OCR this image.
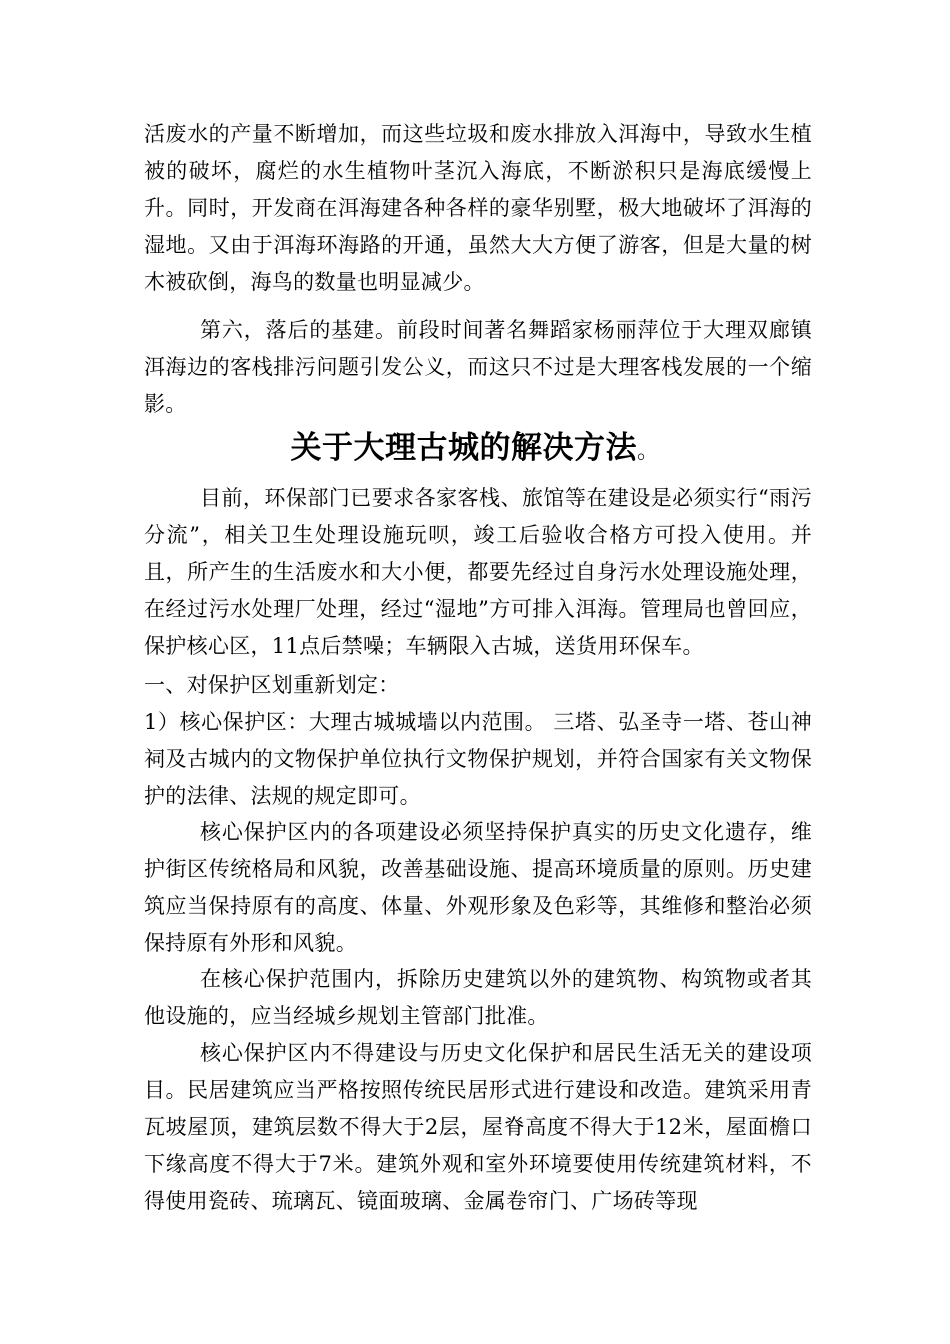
活废水的产量不断增加，而这些垃圾和废水排放入洱海中，导致水生植被的破坏，腐烂的水生植物叶茎沉入海底，不断淤积只是海底缓慢上升。同时，开发商在洱海建各种各样的豪华别墅，极大地破坏了洱海的湿地。又由于洱海环海路的开通，虽然大大方便了游客，但是大量的树木被砍倒，海鸟的数量也明显减少。

第六，落后的基建。前段时间著名舞蹈家杨丽萍位于大理双廊镇洱海边的客栈排污问题引发公义，而这只不过是大理客栈发展的一个缩影。

关于大理古城的解决方法。

目前，环保部门已要求各家客栈、旅馆等在建设是必须实行“雨污分流”，相关卫生处理设施玩呗，竣工后验收合格方可投入使用。并且，所产生的生活废水和大小便，都要先经过自身污水处理设施处理，在经过污水处理厂处理，经过“湿地”方可排入洱海。管理局也曾回应，保护核心区，11点后禁噪；车辆限入古城，送货用环保车。

一、对保护区划重新划定：

1）核心保护区：大理古城城墙以内范围。 三塔、弘圣寺一塔、苍山神祠及古城内的文物保护单位执行文物保护规划，并符合国家有关文物保护的法律、法规的规定即可。

核心保护区内的各项建设必须坚持保护真实的历史文化遗存，维护街区传统格局和风貌，改善基础设施、提高环境质量的原则。历史建筑应当保持原有的高度、体量、外观形象及色彩等，其维修和整治必须保持原有外形和风貌。

在核心保护范围内，拆除历史建筑以外的建筑物、构筑物或者其他设施的，应当经城乡规划主管部门批准。

核心保护区内不得建设与历史文化保护和居民生活无关的建设项目。民居建筑应当严格按照传统民居形式进行建设和改造。建筑采用青瓦坡屋顶，建筑层数不得大于2层，屋脊高度不得大于12米，屋面檐口下缘高度不得大于7米。建筑外观和室外环境要使用传统建筑材料，不得使用瓷砖、琉璃瓦、镜面玻璃、金属卷帘门、广场砖等现
